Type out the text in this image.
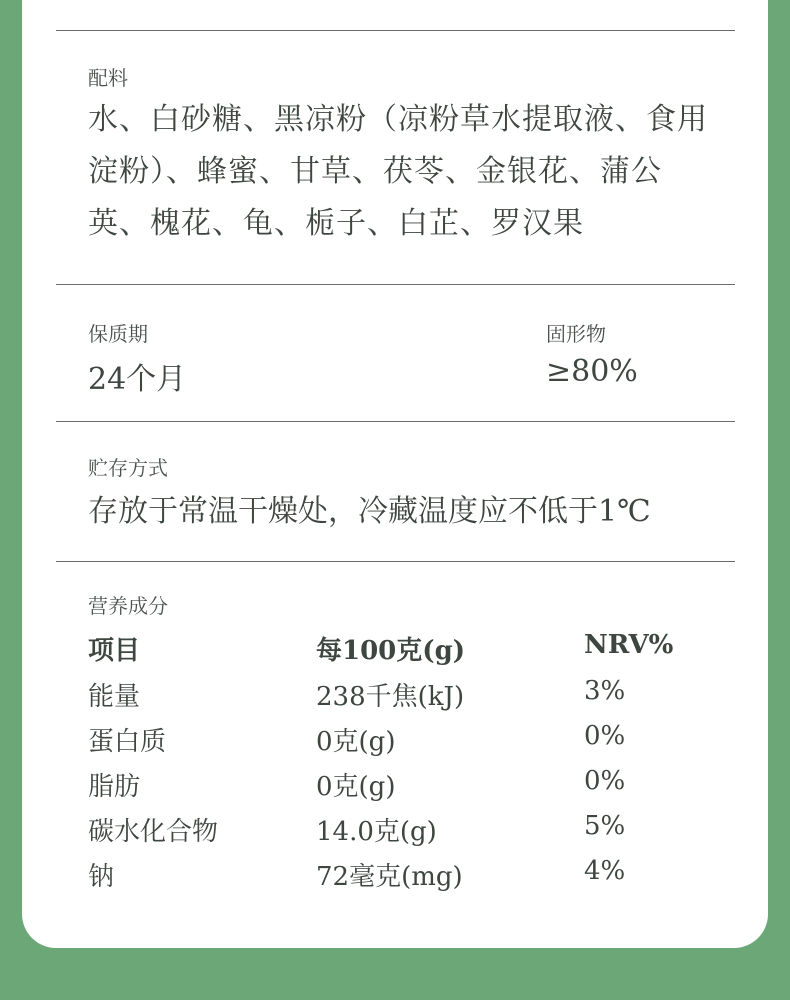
配料
水、白砂糖、黑凉粉（凉粉草水提取液、食用淀粉）、蜂蜜、甘草、茯苓、金银花、蒲公英、槐花、龟、栀子、白芷、罗汉果
保质期
24个月
固形物
≥80%
贮存方式
存放于常温干燥处，冷藏温度应不低于1℃
营养成分
项目	每100克(g)	NRV%
能量	238千焦(kJ)	3%
蛋白质	0克(g)	0%
脂肪	0克(g)	0%
碳水化合物	14.0克(g)	5%
钠	72毫克(mg)	4%
